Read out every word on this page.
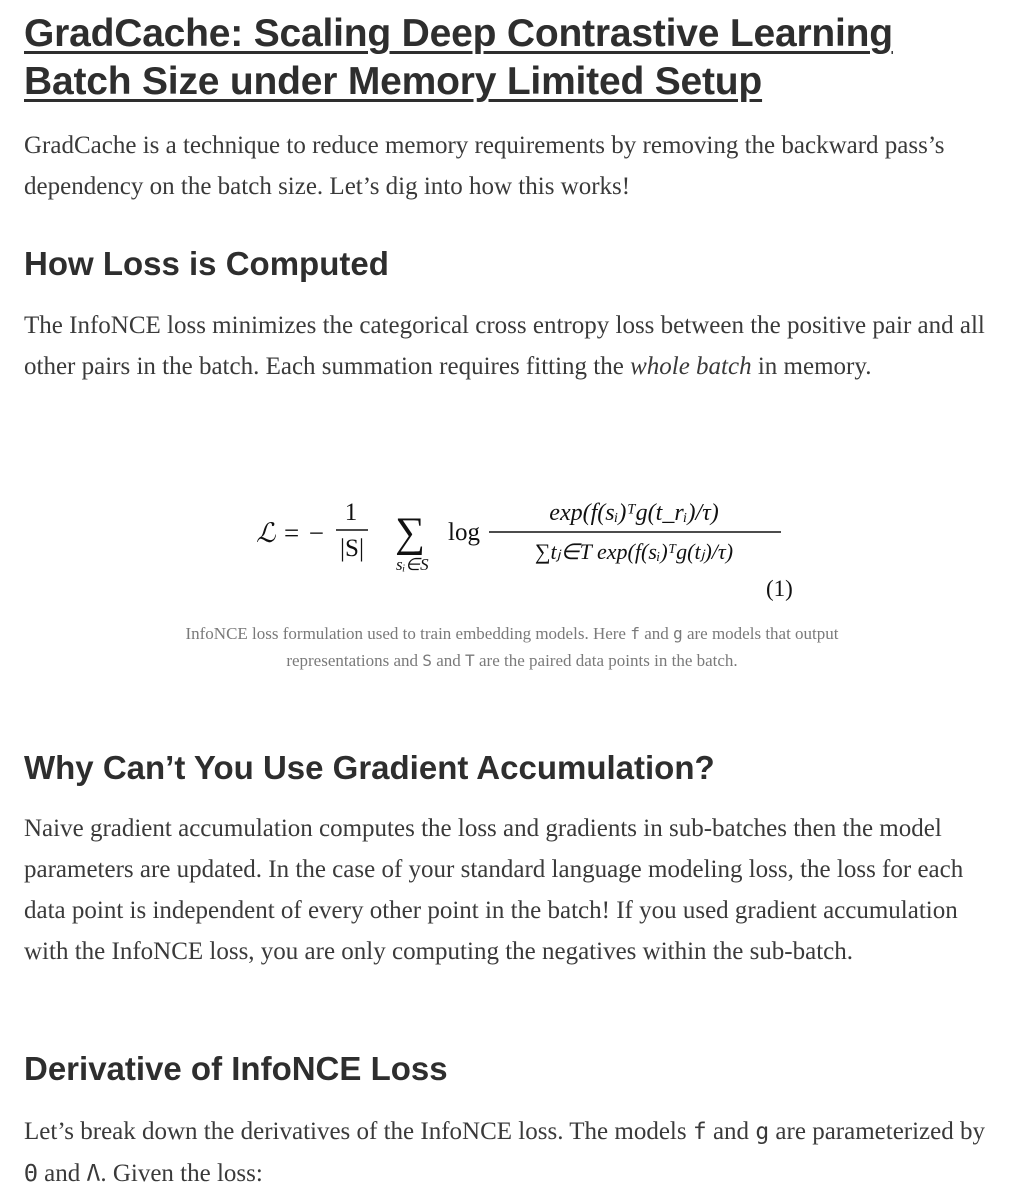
GradCache: Scaling Deep Contrastive Learning Batch Size under Memory Limited Setup

GradCache is a technique to reduce memory requirements by removing the backward pass’s dependency on the batch size. Let’s dig into how this works!

How Loss is Computed

The InfoNCE loss minimizes the categorical cross entropy loss between the positive pair and all other pairs in the batch. Each summation requires fitting the whole batch in memory.

ℒ = −
1
|S| ∑
sᵢ∈S
log
exp(f(sᵢ)ᵀg(t_rᵢ)/τ)
∑tⱼ∈T exp(f(sᵢ)ᵀg(tⱼ)/τ)
(1)

InfoNCE loss formulation used to train embedding models. Here f and g are models that output representations and S and T are the paired data points in the batch.

Why Can’t You Use Gradient Accumulation?

Naive gradient accumulation computes the loss and gradients in sub-batches then the model parameters are updated. In the case of your standard language modeling loss, the loss for each data point is independent of every other point in the batch! If you used gradient accumulation with the InfoNCE loss, you are only computing the negatives within the sub-batch.

Derivative of InfoNCE Loss

Let’s break down the derivatives of the InfoNCE loss. The models f and g are parameterized by Θ and Λ. Given the loss:
